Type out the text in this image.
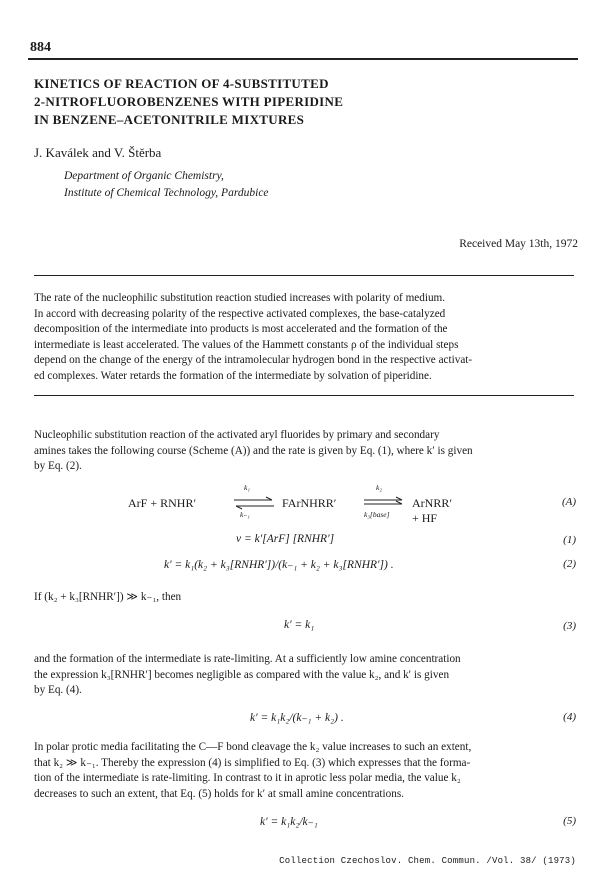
884
KINETICS OF REACTION OF 4-SUBSTITUTED
2-NITROFLUOROBENZENES WITH PIPERIDINE
IN BENZENE–ACETONITRILE MIXTURES
J. Kaválek and V. Štěrba
Department of Organic Chemistry,
Institute of Chemical Technology, Pardubice
Received May 13th, 1972
The rate of the nucleophilic substitution reaction studied increases with polarity of medium.
In accord with decreasing polarity of the respective activated complexes, the base-catalyzed
decomposition of the intermediate into products is most accelerated and the formation of the
intermediate is least accelerated. The values of the Hammett constants ρ of the individual steps
depend on the change of the energy of the intramolecular hydrogen bond in the respective activat-
ed complexes. Water retards the formation of the intermediate by solvation of piperidine.
Nucleophilic substitution reaction of the activated aryl fluorides by primary and secondary
amines takes the following course (Scheme (A)) and the rate is given by Eq. (1), where k′ is given
by Eq. (2).
ArF + RNHR′
k₁
k₋₁
FArNHRR′
k₂
k₃[base]
ArNRR′ + HF
(A)
v = k′[ArF] [RNHR′]	(1)
k′ = k₁(k₂ + k₃[RNHR′])/(k₋₁ + k₂ + k₃[RNHR′]) .	(2)
If (k₂ + k₃[RNHR′]) ≫ k₋₁, then
k′ = k₁	(3)
and the formation of the intermediate is rate-limiting. At a sufficiently low amine concentration
the expression k₃[RNHR′] becomes negligible as compared with the value k₂, and k′ is given
by Eq. (4).
k′ = k₁k₂/(k₋₁ + k₂) .	(4)
In polar protic media facilitating the C—F bond cleavage the k₂ value increases to such an extent,
that k₂ ≫ k₋₁. Thereby the expression (4) is simplified to Eq. (3) which expresses that the forma-
tion of the intermediate is rate-limiting. In contrast to it in aprotic less polar media, the value k₂
decreases to such an extent, that Eq. (5) holds for k′ at small amine concentrations.
k′ = k₁k₂/k₋₁	(5)
Collection Czechoslov. Chem. Commun. /Vol. 38/ (1973)
